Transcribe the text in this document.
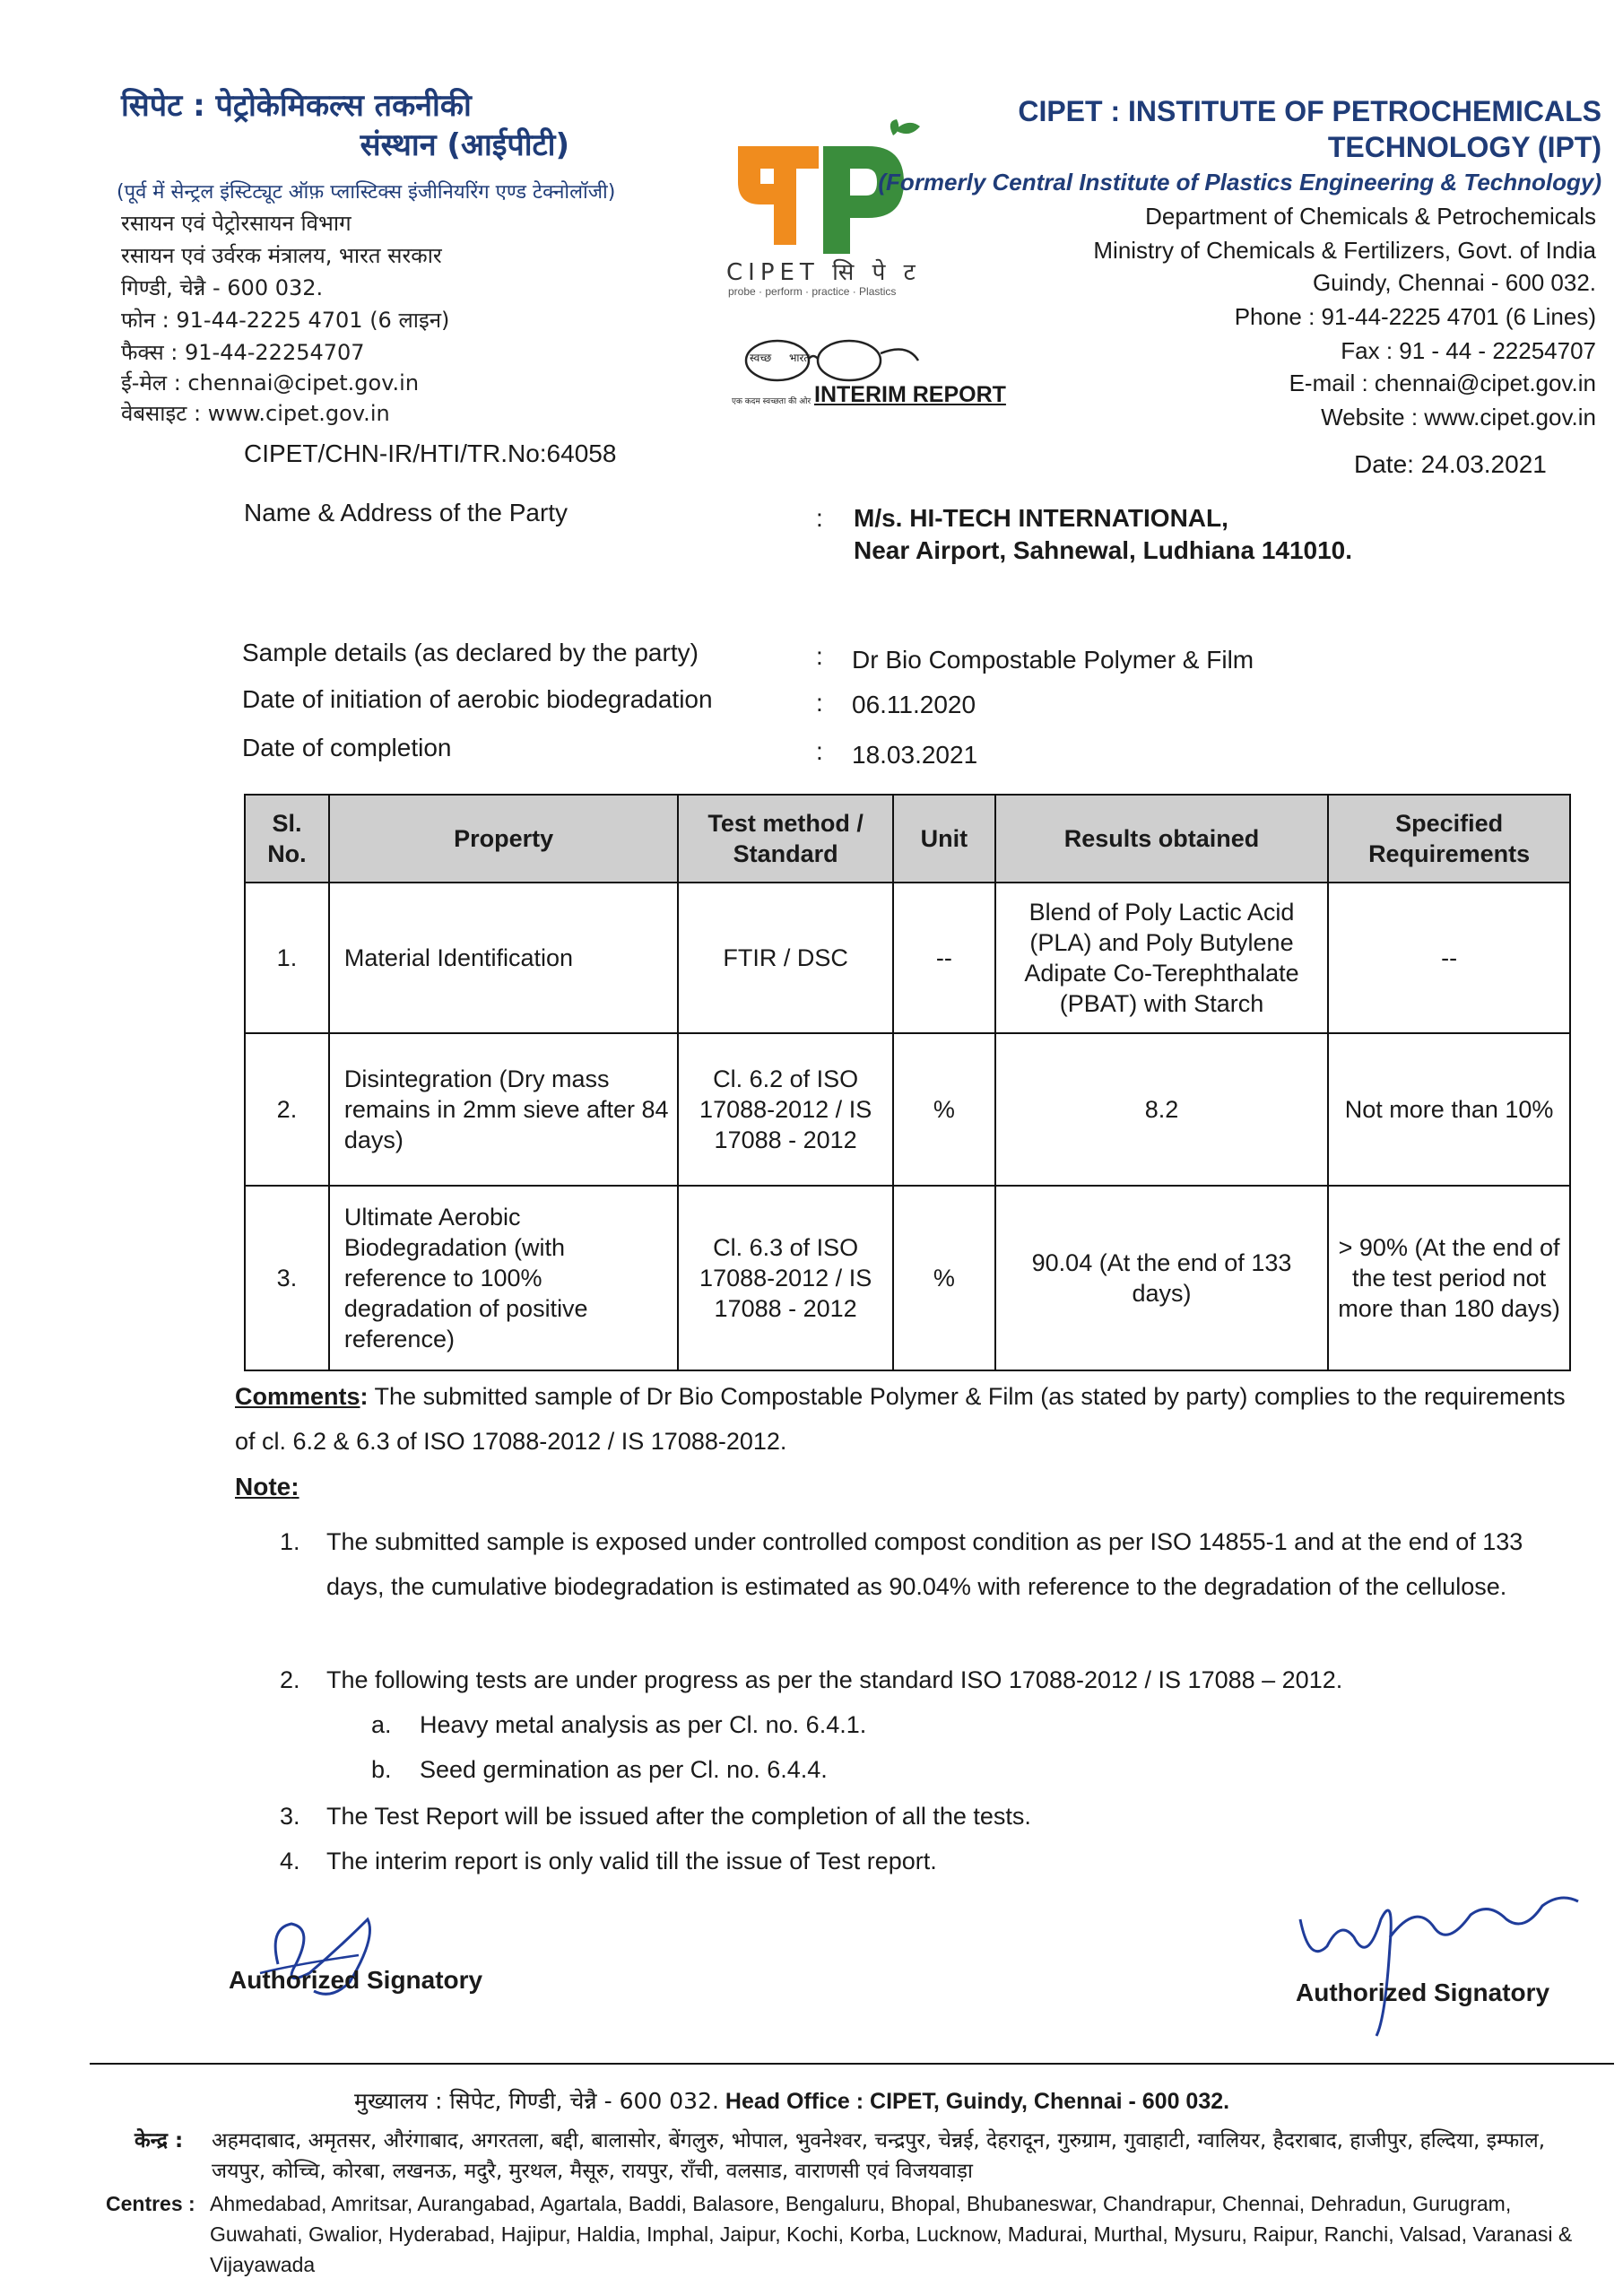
सिपेट : पेट्रोकेमिकल्स तकनीकी
संस्थान (आईपीटी)
(पूर्व में सेन्ट्रल इंस्टिट्यूट ऑफ़ प्लास्टिक्स इंजीनियरिंग एण्ड टेक्नोलॉजी)
रसायन एवं पेट्रोरसायन विभाग
रसायन एवं उर्वरक मंत्रालय, भारत सरकार
गिण्डी, चेन्नै - 600 032.
फोन : 91-44-2225 4701 (6 लाइन)
फैक्स : 91-44-22254707
ई-मेल : chennai@cipet.gov.in
वेबसाइट : www.cipet.gov.in
CIPET सि पे ट
probe · perform · practice · Plastics
स्वच्छ भारत
एक कदम स्वच्छता की ओर INTERIM REPORT
CIPET : INSTITUTE OF PETROCHEMICALS
TECHNOLOGY (IPT)
(Formerly Central Institute of Plastics Engineering & Technology)
Department of Chemicals & Petrochemicals
Ministry of Chemicals & Fertilizers, Govt. of India
Guindy, Chennai - 600 032.
Phone : 91-44-2225 4701 (6 Lines)
Fax : 91 - 44 - 22254707
E-mail : chennai@cipet.gov.in
Website : www.cipet.gov.in
CIPET/CHN-IR/HTI/TR.No:64058	Date: 24.03.2021
Name & Address of the Party	: M/s. HI-TECH INTERNATIONAL,
Near Airport, Sahnewal, Ludhiana 141010.
Sample details (as declared by the party)	: Dr Bio Compostable Polymer & Film
Date of initiation of aerobic biodegradation	: 06.11.2020
Date of completion	: 18.03.2021
Sl. No.	Property	Test method / Standard	Unit	Results obtained	Specified Requirements
1.	Material Identification	FTIR / DSC	--	Blend of Poly Lactic Acid (PLA) and Poly Butylene Adipate Co-Terephthalate (PBAT) with Starch	--
2.	Disintegration (Dry mass remains in 2mm sieve after 84 days)	Cl. 6.2 of ISO 17088-2012 / IS 17088 - 2012	%	8.2	Not more than 10%
3.	Ultimate Aerobic Biodegradation (with reference to 100% degradation of positive reference)	Cl. 6.3 of ISO 17088-2012 / IS 17088 - 2012	%	90.04 (At the end of 133 days)	> 90% (At the end of the test period not more than 180 days)
Comments: The submitted sample of Dr Bio Compostable Polymer & Film (as stated by party) complies to the requirements of cl. 6.2 & 6.3 of ISO 17088-2012 / IS 17088-2012.
Note:
1.	The submitted sample is exposed under controlled compost condition as per ISO 14855-1 and at the end of 133 days, the cumulative biodegradation is estimated as 90.04% with reference to the degradation of the cellulose.
2. The following tests are under progress as per the standard ISO 17088-2012 / IS 17088 – 2012.
a. Heavy metal analysis as per Cl. no. 6.4.1.
b. Seed germination as per Cl. no. 6.4.4.
3. The Test Report will be issued after the completion of all the tests.
4. The interim report is only valid till the issue of Test report.
Authorized Signatory	Authorized Signatory
मुख्यालय : सिपेट, गिण्डी, चेन्नै - 600 032. Head Office : CIPET, Guindy, Chennai - 600 032.
केन्द्र : अहमदाबाद, अमृतसर, औरंगाबाद, अगरतला, बद्दी, बालासोर, बेंगलुरु, भोपाल, भुवनेश्वर, चन्द्रपुर, चेन्नई, देहरादून, गुरुग्राम, गुवाहाटी, ग्वालियर, हैदराबाद, हाजीपुर, हल्दिया, इम्फाल, जयपुर, कोच्चि, कोरबा, लखनऊ, मदुरै, मुरथल, मैसूरु, रायपुर, राँची, वलसाड, वाराणसी एवं विजयवाड़ा
Centres : Ahmedabad, Amritsar, Aurangabad, Agartala, Baddi, Balasore, Bengaluru, Bhopal, Bhubaneswar, Chandrapur, Chennai, Dehradun, Gurugram, Guwahati, Gwalior, Hyderabad, Hajipur, Haldia, Imphal, Jaipur, Kochi, Korba, Lucknow, Madurai, Murthal, Mysuru, Raipur, Ranchi, Valsad, Varanasi & Vijayawada
